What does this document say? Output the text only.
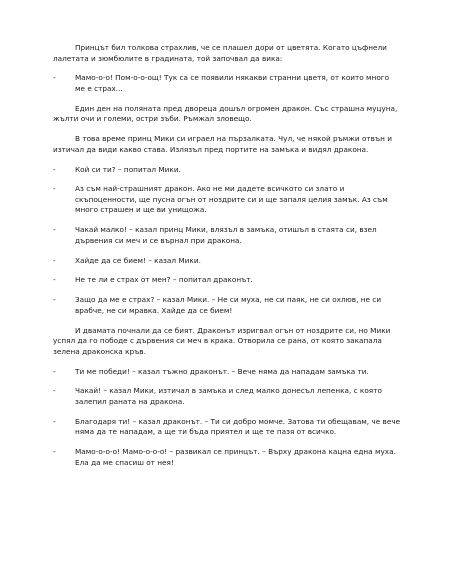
Принцът бил толкова страхлив, че се плашел дори от цветята. Когато цъфнели лалетата и зюмбюлите в градината, той започвал да вика:

-	Мамо-о-о! Пом-о-о-ощ! Тук са се появили някакви странни цветя, от които много ме е страх...

Един ден на поляната пред двореца дошъл огромен дракон. Със страшна муцуна, жълти очи и големи, остри зъби. Ръмжал зловещо.

В това време принц Мики си играел на пързалката. Чул, че някой ръмжи отвън и изтичал да види какво става. Излязъл пред портите на замъка и видял дракона.

-	Кой си ти? – попитал Мики.
-	Аз съм най-страшният дракон. Ако не ми дадете всичкото си злато и скъпоценности, ще пусна огън от ноздрите си и ще запаля целия замък. Аз съм много страшен и ще ви унищожа.
-	Чакай малко! – казал принц Мики, влязъл в замъка, отишъл в стаята си, взел дървения си меч и се върнал при дракона.
-	Хайде да се бием! – казал Мики.
-	Не те ли е страх от мен? – попитал драконът.
-	Защо да ме е страх? – казал Мики. – Не си муха, не си паяк, не си охлюв, не си врабче, не си мравка. Хайде да се бием!

И двамата почнали да се бият. Драконът изригвал огън от ноздрите си, но Мики успял да го пободе с дървения си меч в крака. Отворила се рана, от която закапала зелена драконска кръв.

-	Ти ме победи! – казал тъжно драконът. – Вече няма да нападам замъка ти.
-	Чакай! – казал Мики, изтичал в замъка и след малко донесъл лепенка, с която залепил раната на дракона.
-	Благодаря ти! – казал драконът. – Ти си добро момче. Затова ти обещавам, че вече няма да те нападам, а ще ти бъда приятел и ще те пазя от всичко.
-	Мамо-о-о-о! Мамо-о-о-о! – развикал се принцът. – Върху дракона кацна една муха. Ела да ме спасиш от нея!
